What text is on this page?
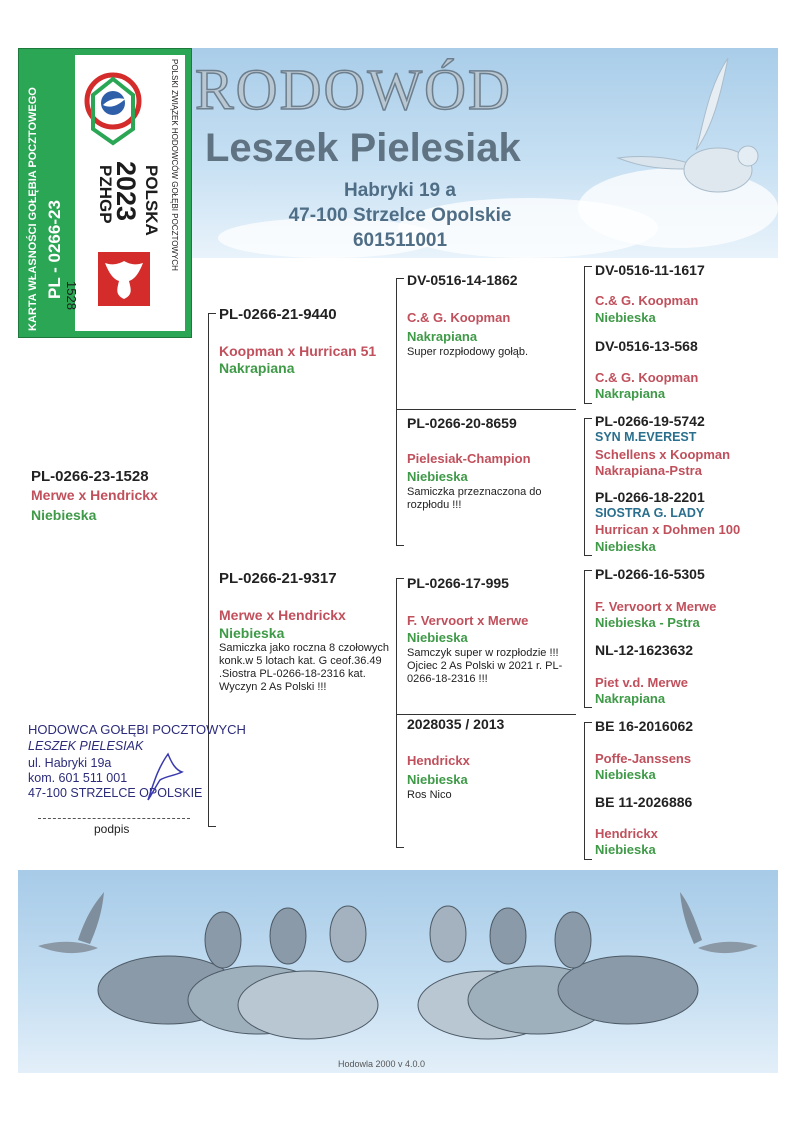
KARTA WŁASNOŚCI GOŁĘBIA POCZTOWEGO PL - 0266-23	POLSKI ZWIĄZEK HODOWCÓW GOŁĘBI POCZTOWYCH
POLSKA
2023
PZHGP
1528
RODOWÓD
Leszek Pielesiak
Habryki 19 a
47-100 Strzelce Opolskie
601511001
PL-0266-23-1528
Merwe x Hendrickx
Niebieska
PL-0266-21-9440
Koopman x Hurrican 51
Nakrapiana
PL-0266-21-9317
Merwe x Hendrickx
Niebieska
Samiczka jako roczna 8 czołowych konk.w 5 lotach kat. G ceof.36.49 .Siostra PL-0266-18-2316 kat. Wyczyn 2 As Polski !!!
DV-0516-14-1862
C.& G. Koopman
Nakrapiana
Super rozpłodowy gołąb.
PL-0266-20-8659
Pielesiak-Champion
Niebieska
Samiczka przeznaczona do rozpłodu !!!
PL-0266-17-995
F. Vervoort x Merwe
Niebieska
Samczyk super w rozpłodzie !!! Ojciec 2 As Polski w 2021 r. PL-0266-18-2316 !!!
2028035 / 2013
Hendrickx
Niebieska
Ros Nico
DV-0516-11-1617
C.& G. Koopman
Niebieska
DV-0516-13-568
C.& G. Koopman
Nakrapiana
PL-0266-19-5742
SYN M.EVEREST
Schellens x Koopman
Nakrapiana-Pstra
PL-0266-18-2201
SIOSTRA G. LADY
Hurrican x Dohmen 100
Niebieska
PL-0266-16-5305
F. Vervoort x Merwe
Niebieska - Pstra
NL-12-1623632
Piet v.d. Merwe
Nakrapiana
BE 16-2016062
Poffe-Janssens
Niebieska
BE 11-2026886
Hendrickx
Niebieska
HODOWCA GOŁĘBI POCZTOWYCH
LESZEK PIELESIAK
ul. Habryki 19a
kom. 601 511 001
47-100 STRZELCE OPOLSKIE
podpis
Hodowla 2000 v 4.0.0
